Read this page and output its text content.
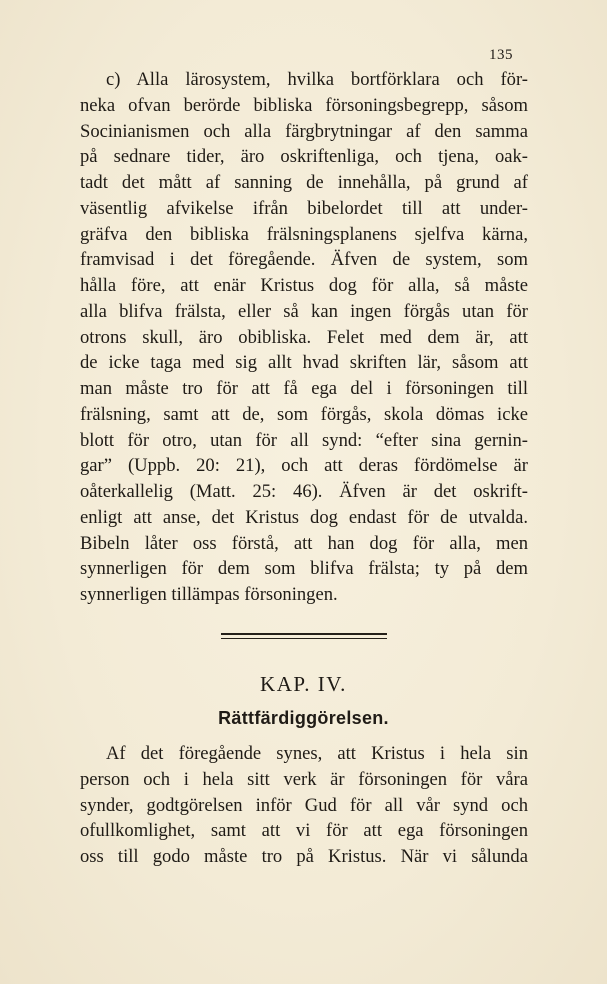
135
c) Alla lärosystem, hvilka bortförklara och för-
neka ofvan berörde bibliska försoningsbegrepp, såsom
Socinianismen och alla färgbrytningar af den samma
på sednare tider, äro oskriftenliga, och tjena, oak-
tadt det mått af sanning de innehålla, på grund af
väsentlig afvikelse ifrån bibelordet till att under-
gräfva den bibliska frälsningsplanens sjelfva kärna,
framvisad i det föregående. Äfven de system, som
hålla före, att enär Kristus dog för alla, så måste
alla blifva frälsta, eller så kan ingen förgås utan för
otrons skull, äro obibliska. Felet med dem är, att
de icke taga med sig allt hvad skriften lär, såsom att
man måste tro för att få ega del i försoningen till
frälsning, samt att de, som förgås, skola dömas icke
blott för otro, utan för all synd: “efter sina gernin-
gar” (Uppb. 20: 21), och att deras fördömelse är
oåterkallelig (Matt. 25: 46). Äfven är det oskrift-
enligt att anse, det Kristus dog endast för de utvalda.
Bibeln låter oss förstå, att han dog för alla, men
synnerligen för dem som blifva frälsta; ty på dem
synnerligen tillämpas försoningen.
KAP. IV.
Rättfärdiggörelsen.
Af det föregående synes, att Kristus i hela sin
person och i hela sitt verk är försoningen för våra
synder, godtgörelsen inför Gud för all vår synd och
ofullkomlighet, samt att vi för att ega försoningen
oss till godo måste tro på Kristus. När vi sålunda
